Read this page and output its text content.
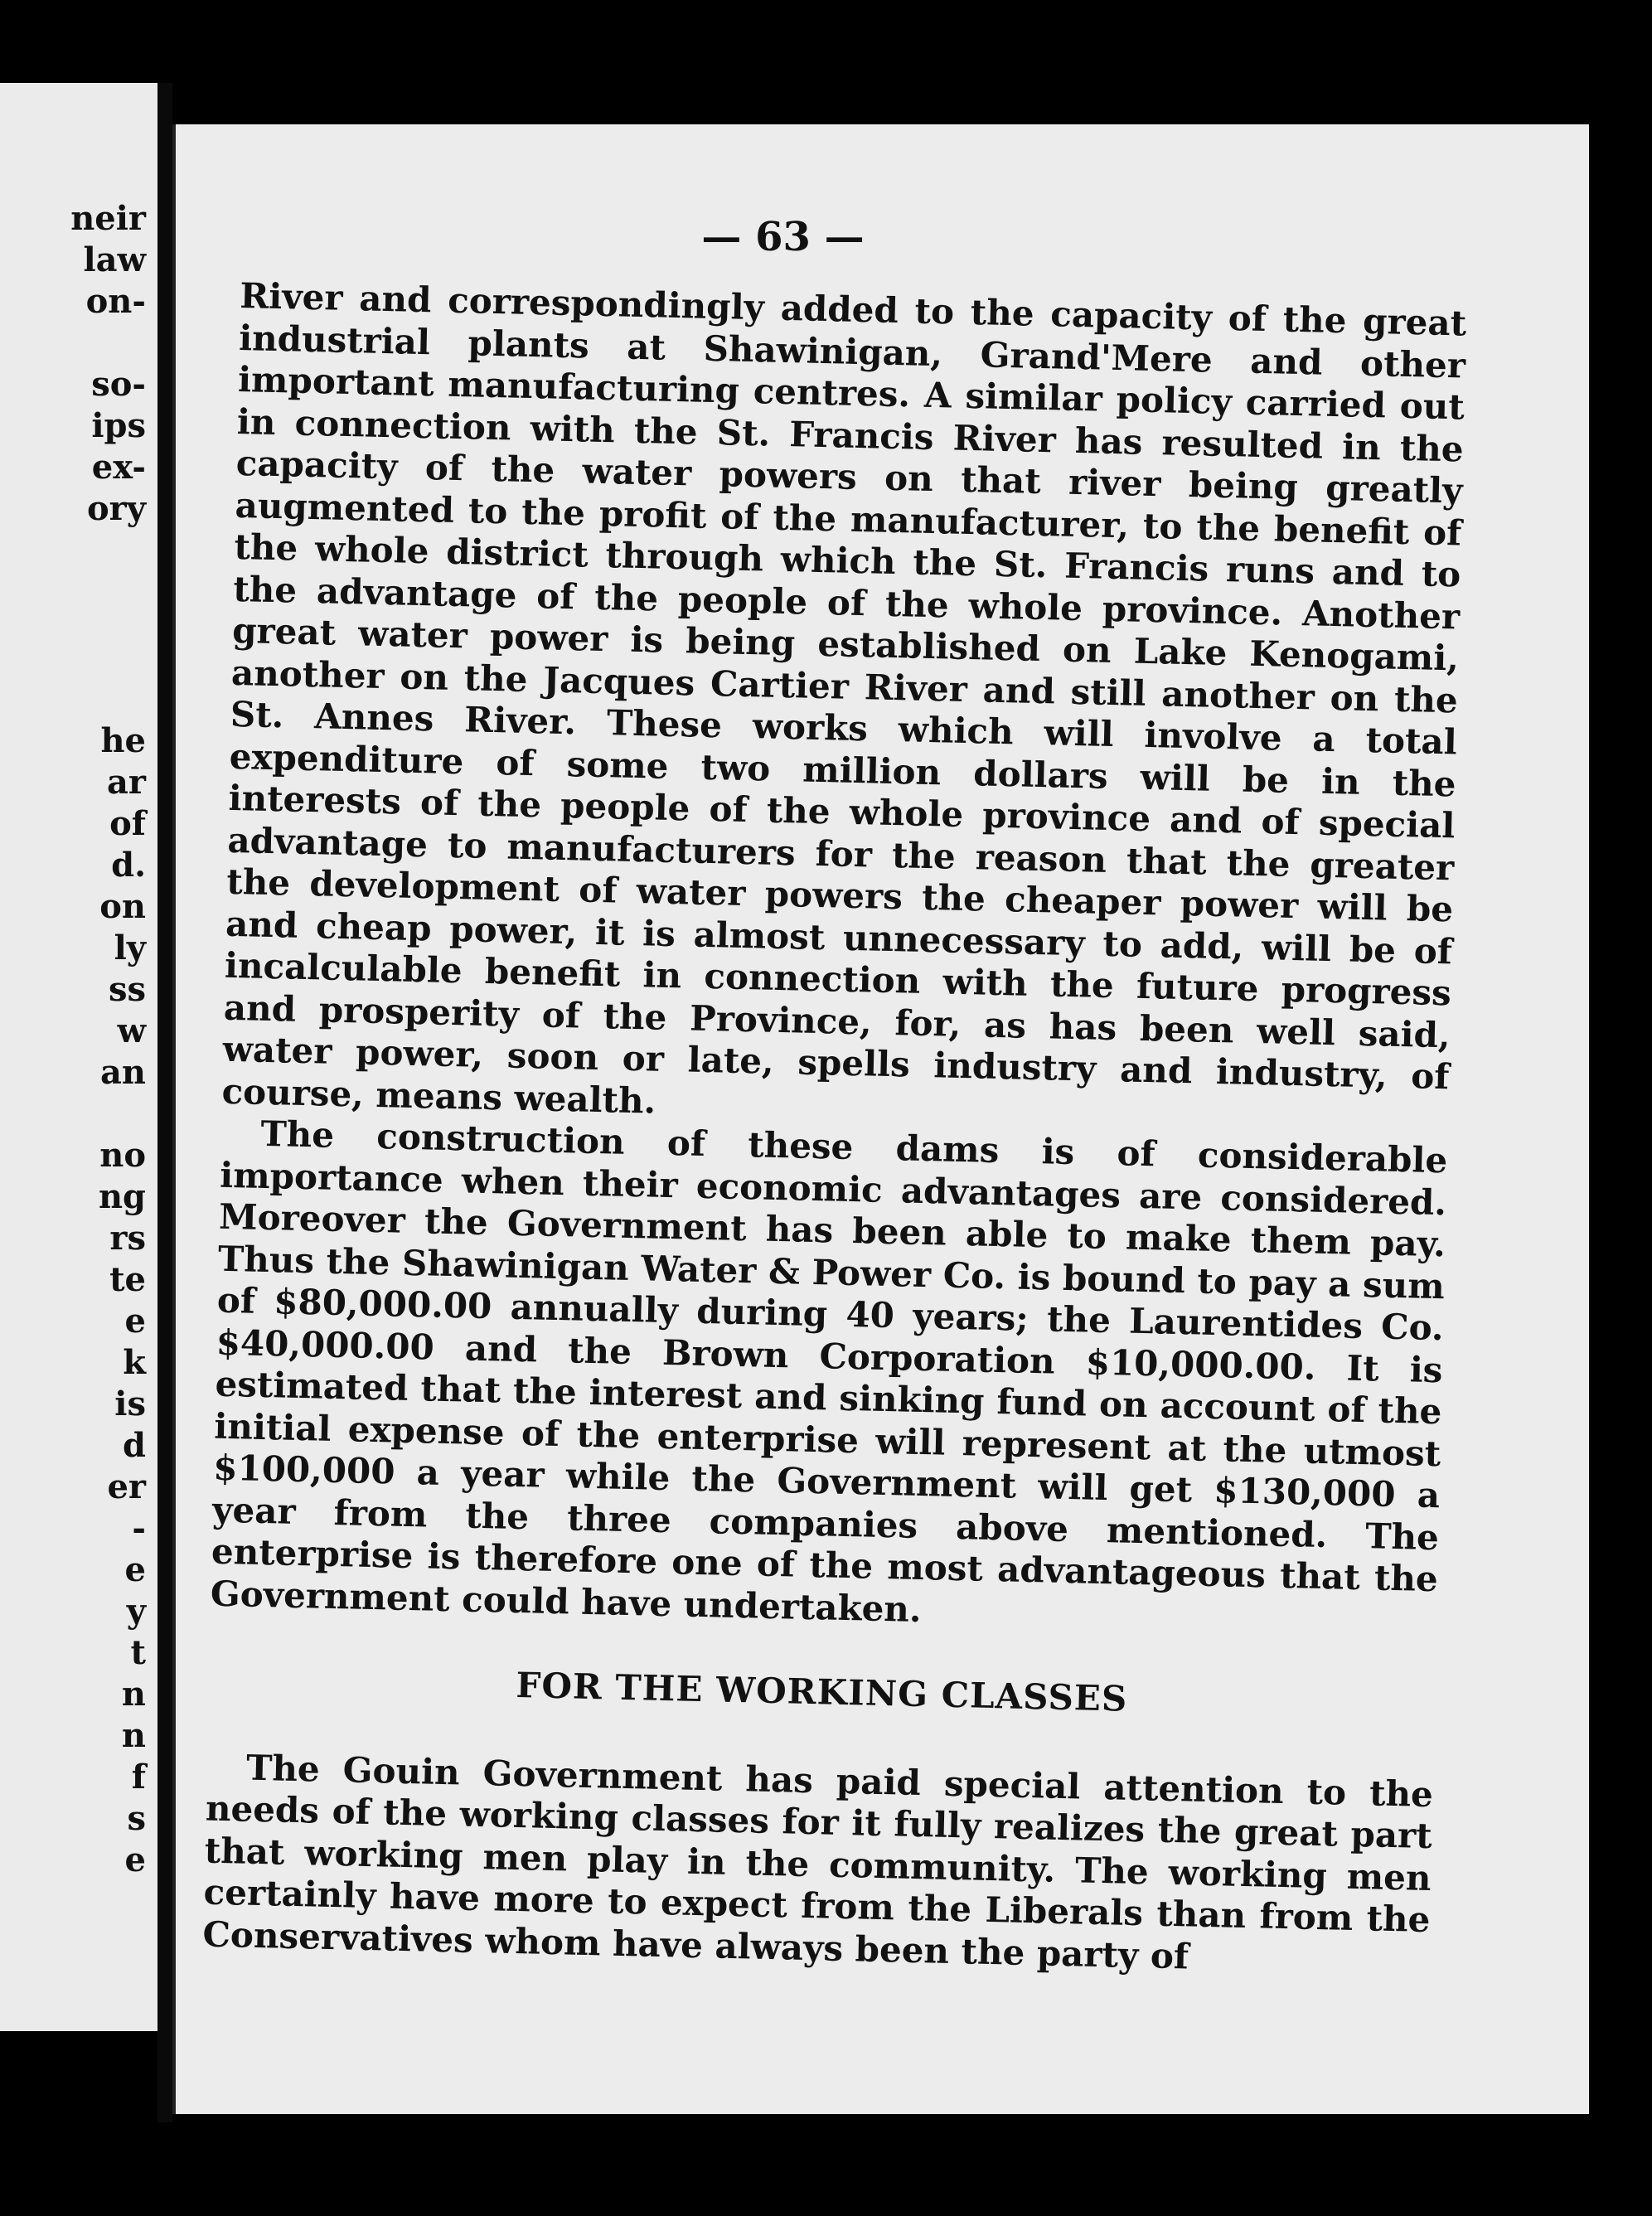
neir
law
on-
so-
ips
ex-
ory
he
ar
of
d.
on
ly
ss
w
an
no
ng
rs
te
e
k
is
d
er
-
e
y
t
n
n
f
s
e
— 63 —

River and correspondingly added to the capacity of the great industrial plants at Shawinigan, Grand'Mere and other important manufacturing centres. A similar policy carried out in connection with the St. Francis River has resulted in the capacity of the water powers on that river being greatly augmented to the profit of the manufacturer, to the benefit of the whole district through which the St. Francis runs and to the advantage of the people of the whole province. Another great water power is being established on Lake Kenogami, another on the Jacques Cartier River and still another on the St. Annes River. These works which will involve a total expenditure of some two million dollars will be in the interests of the people of the whole province and of special advantage to manufacturers for the reason that the greater the development of water powers the cheaper power will be and cheap power, it is almost unnecessary to add, will be of incalculable benefit in connection with the future progress and prosperity of the Province, for, as has been well said, water power, soon or late, spells industry and industry, of course, means wealth.

The construction of these dams is of considerable importance when their economic advantages are considered. Moreover the Government has been able to make them pay. Thus the Shawinigan Water & Power Co. is bound to pay a sum of $80,000.00 annually during 40 years; the Laurentides Co. $40,000.00 and the Brown Corporation $10,000.00. It is estimated that the interest and sinking fund on account of the initial expense of the enterprise will represent at the utmost $100,000 a year while the Government will get $130,000 a year from the three companies above mentioned. The enterprise is therefore one of the most advantageous that the Government could have undertaken.

FOR THE WORKING CLASSES

The Gouin Government has paid special attention to the needs of the working classes for it fully realizes the great part that working men play in the community. The working men certainly have more to expect from the Liberals than from the Conservatives whom have always been the party of
